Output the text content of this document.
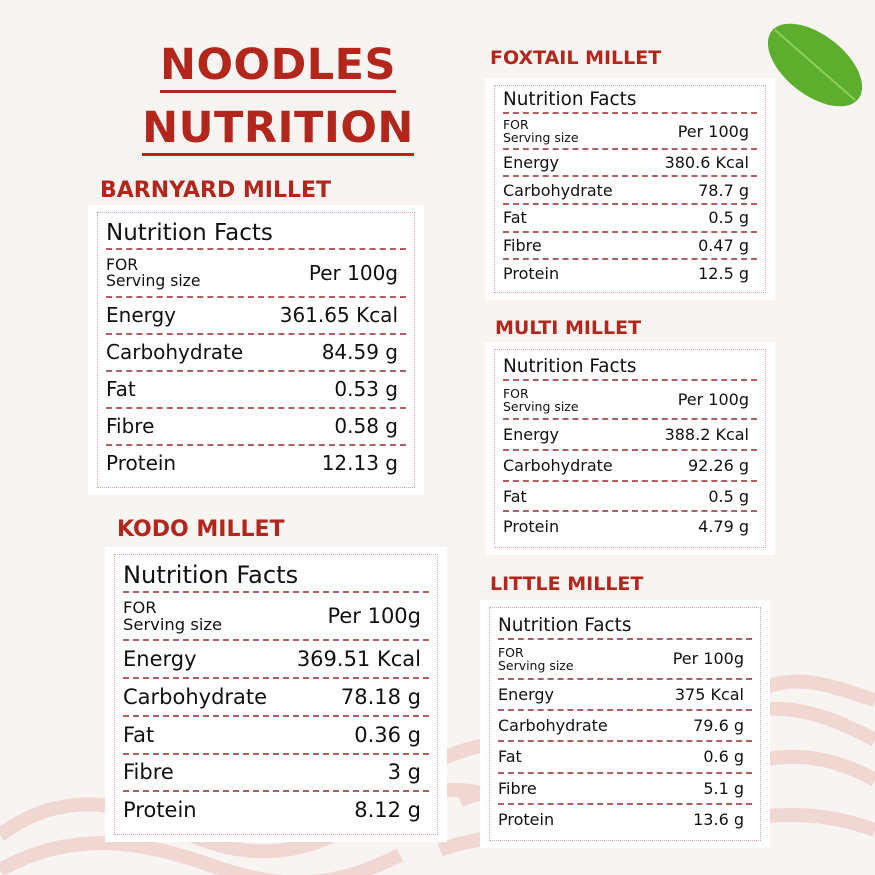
NOODLES
NUTRITION
BARNYARD MILLET
Nutrition Facts
FOR
Serving size	Per 100g
Energy	361.65 Kcal
Carbohydrate	84.59 g
Fat	0.53 g
Fibre	0.58 g
Protein	12.13 g
KODO MILLET
Nutrition Facts
FOR
Serving size	Per 100g
Energy	369.51 Kcal
Carbohydrate	78.18 g
Fat	0.36 g
Fibre	3 g
Protein	8.12 g
FOXTAIL MILLET
Nutrition Facts
FOR
Serving size	Per 100g
Energy	380.6 Kcal
Carbohydrate	78.7 g
Fat	0.5 g
Fibre	0.47 g
Protein	12.5 g
MULTI MILLET
Nutrition Facts
FOR
Serving size	Per 100g
Energy	388.2 Kcal
Carbohydrate	92.26 g
Fat	0.5 g
Protein	4.79 g
LITTLE MILLET
Nutrition Facts
FOR
Serving size	Per 100g
Energy	375 Kcal
Carbohydrate	79.6 g
Fat	0.6 g
Fibre	5.1 g
Protein	13.6 g
